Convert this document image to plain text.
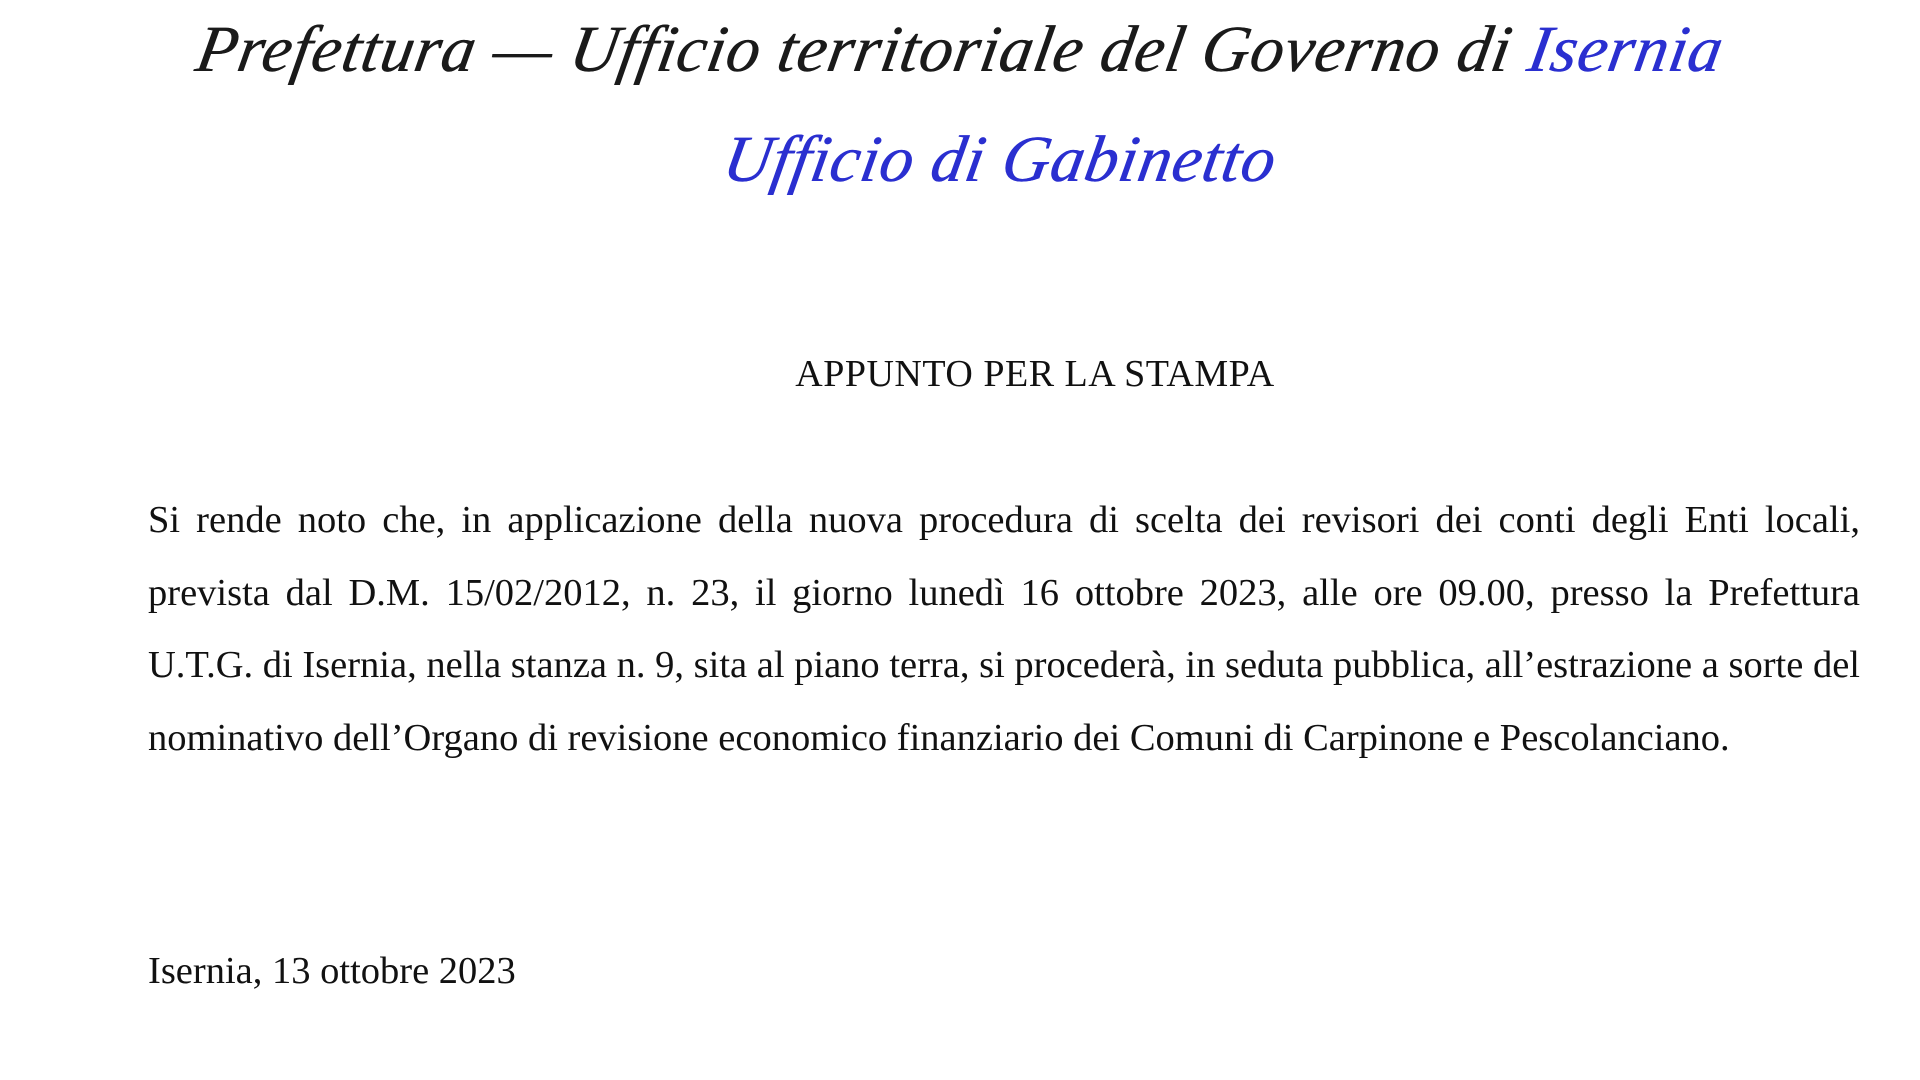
Prefettura — Ufficio territoriale del Governo di Isernia
Ufficio di Gabinetto
APPUNTO PER LA STAMPA

Si rende noto che, in applicazione della nuova procedura di scelta dei revisori dei conti degli Enti locali, prevista dal D.M. 15/02/2012, n. 23, il giorno lunedì 16 ottobre 2023, alle ore 09.00, presso la Prefettura U.T.G. di Isernia, nella stanza n. 9, sita al piano terra, si procederà, in seduta pubblica, all’estrazione a sorte del nominativo dell’Organo di revisione economico finanziario dei Comuni di Carpinone e Pescolanciano.

Isernia, 13 ottobre 2023
